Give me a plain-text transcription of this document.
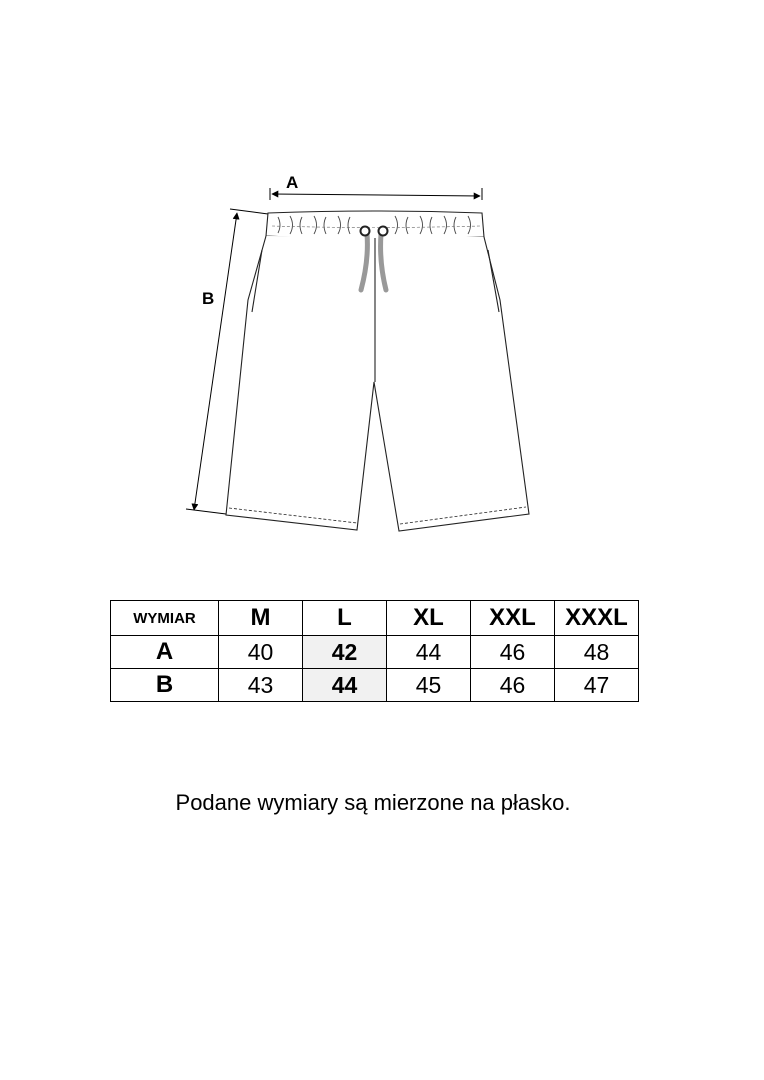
A
B
WYMIAR	M	L	XL	XXL	XXXL
A	40	42	44	46	48
B	43	44	45	46	47
Podane wymiary są mierzone na płasko.
